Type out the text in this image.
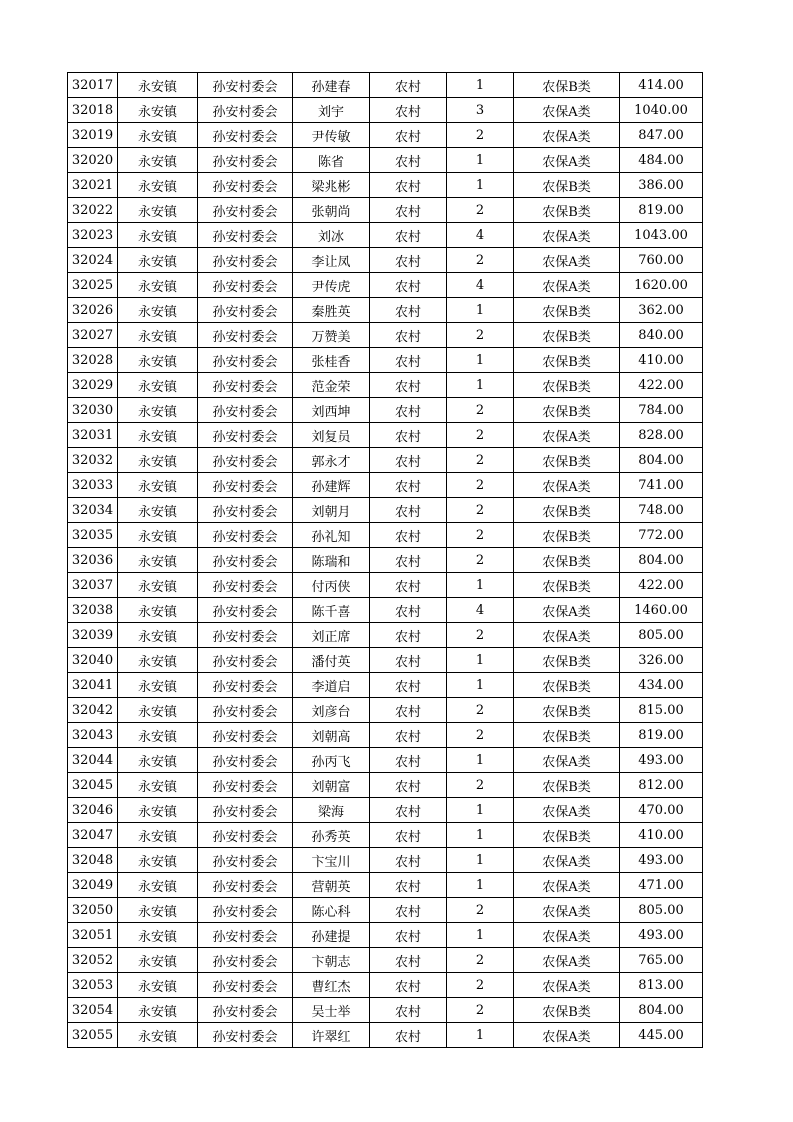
32017	永安镇	孙安村委会	孙建春	农村	1	农保B类	414.00
32018	永安镇	孙安村委会	刘宇	农村	3	农保A类	1040.00
32019	永安镇	孙安村委会	尹传敏	农村	2	农保A类	847.00
32020	永安镇	孙安村委会	陈省	农村	1	农保A类	484.00
32021	永安镇	孙安村委会	梁兆彬	农村	1	农保B类	386.00
32022	永安镇	孙安村委会	张朝尚	农村	2	农保B类	819.00
32023	永安镇	孙安村委会	刘冰	农村	4	农保A类	1043.00
32024	永安镇	孙安村委会	李让凤	农村	2	农保A类	760.00
32025	永安镇	孙安村委会	尹传虎	农村	4	农保A类	1620.00
32026	永安镇	孙安村委会	秦胜英	农村	1	农保B类	362.00
32027	永安镇	孙安村委会	万赞美	农村	2	农保B类	840.00
32028	永安镇	孙安村委会	张桂香	农村	1	农保B类	410.00
32029	永安镇	孙安村委会	范金荣	农村	1	农保B类	422.00
32030	永安镇	孙安村委会	刘西坤	农村	2	农保B类	784.00
32031	永安镇	孙安村委会	刘复员	农村	2	农保A类	828.00
32032	永安镇	孙安村委会	郭永才	农村	2	农保B类	804.00
32033	永安镇	孙安村委会	孙建辉	农村	2	农保A类	741.00
32034	永安镇	孙安村委会	刘朝月	农村	2	农保B类	748.00
32035	永安镇	孙安村委会	孙礼知	农村	2	农保B类	772.00
32036	永安镇	孙安村委会	陈瑞和	农村	2	农保B类	804.00
32037	永安镇	孙安村委会	付丙侠	农村	1	农保B类	422.00
32038	永安镇	孙安村委会	陈千喜	农村	4	农保A类	1460.00
32039	永安镇	孙安村委会	刘正席	农村	2	农保A类	805.00
32040	永安镇	孙安村委会	潘付英	农村	1	农保B类	326.00
32041	永安镇	孙安村委会	李道启	农村	1	农保B类	434.00
32042	永安镇	孙安村委会	刘彦台	农村	2	农保B类	815.00
32043	永安镇	孙安村委会	刘朝高	农村	2	农保B类	819.00
32044	永安镇	孙安村委会	孙丙飞	农村	1	农保A类	493.00
32045	永安镇	孙安村委会	刘朝富	农村	2	农保B类	812.00
32046	永安镇	孙安村委会	梁海	农村	1	农保A类	470.00
32047	永安镇	孙安村委会	孙秀英	农村	1	农保B类	410.00
32048	永安镇	孙安村委会	卞宝川	农村	1	农保A类	493.00
32049	永安镇	孙安村委会	营朝英	农村	1	农保A类	471.00
32050	永安镇	孙安村委会	陈心科	农村	2	农保A类	805.00
32051	永安镇	孙安村委会	孙建提	农村	1	农保A类	493.00
32052	永安镇	孙安村委会	卞朝志	农村	2	农保A类	765.00
32053	永安镇	孙安村委会	曹红杰	农村	2	农保A类	813.00
32054	永安镇	孙安村委会	吴士举	农村	2	农保B类	804.00
32055	永安镇	孙安村委会	许翠红	农村	1	农保A类	445.00
